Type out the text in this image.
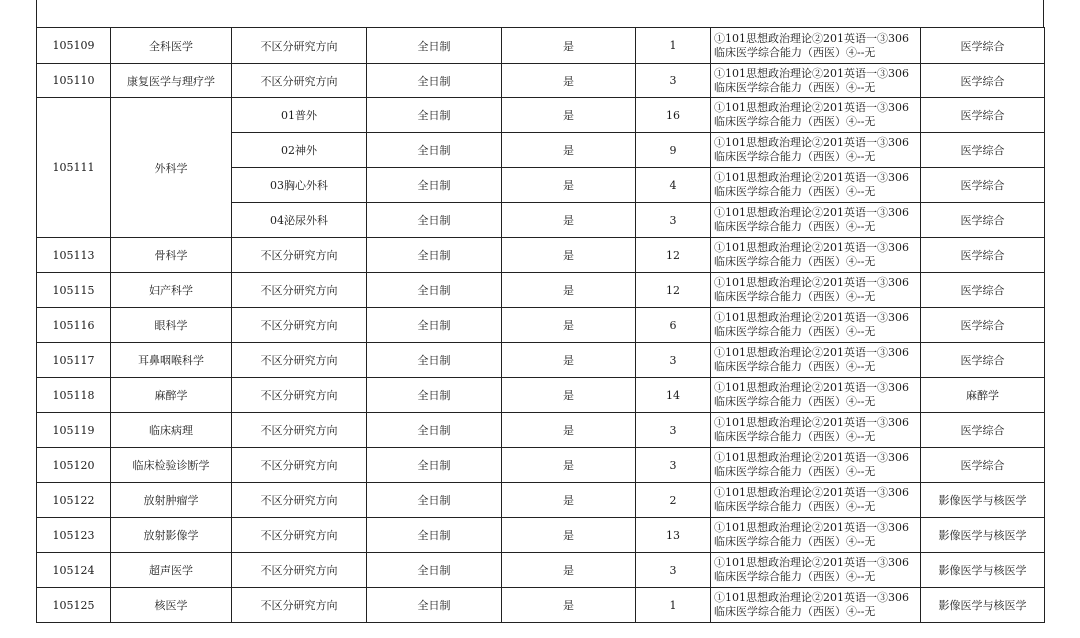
105109	全科医学	不区分研究方向	全日制	是	1	①101思想政治理论②201英语一③306
临床医学综合能力（西医）④--无	医学综合
105110	康复医学与理疗学	不区分研究方向	全日制	是	3	①101思想政治理论②201英语一③306
临床医学综合能力（西医）④--无	医学综合
105111	外科学	01普外	全日制	是	16	①101思想政治理论②201英语一③306
临床医学综合能力（西医）④--无	医学综合
		02神外	全日制	是	9	①101思想政治理论②201英语一③306
临床医学综合能力（西医）④--无	医学综合
		03胸心外科	全日制	是	4	①101思想政治理论②201英语一③306
临床医学综合能力（西医）④--无	医学综合
		04泌尿外科	全日制	是	3	①101思想政治理论②201英语一③306
临床医学综合能力（西医）④--无	医学综合
105113	骨科学	不区分研究方向	全日制	是	12	①101思想政治理论②201英语一③306
临床医学综合能力（西医）④--无	医学综合
105115	妇产科学	不区分研究方向	全日制	是	12	①101思想政治理论②201英语一③306
临床医学综合能力（西医）④--无	医学综合
105116	眼科学	不区分研究方向	全日制	是	6	①101思想政治理论②201英语一③306
临床医学综合能力（西医）④--无	医学综合
105117	耳鼻咽喉科学	不区分研究方向	全日制	是	3	①101思想政治理论②201英语一③306
临床医学综合能力（西医）④--无	医学综合
105118	麻醉学	不区分研究方向	全日制	是	14	①101思想政治理论②201英语一③306
临床医学综合能力（西医）④--无	麻醉学
105119	临床病理	不区分研究方向	全日制	是	3	①101思想政治理论②201英语一③306
临床医学综合能力（西医）④--无	医学综合
105120	临床检验诊断学	不区分研究方向	全日制	是	3	①101思想政治理论②201英语一③306
临床医学综合能力（西医）④--无	医学综合
105122	放射肿瘤学	不区分研究方向	全日制	是	2	①101思想政治理论②201英语一③306
临床医学综合能力（西医）④--无	影像医学与核医学
105123	放射影像学	不区分研究方向	全日制	是	13	①101思想政治理论②201英语一③306
临床医学综合能力（西医）④--无	影像医学与核医学
105124	超声医学	不区分研究方向	全日制	是	3	①101思想政治理论②201英语一③306
临床医学综合能力（西医）④--无	影像医学与核医学
105125	核医学	不区分研究方向	全日制	是	1	①101思想政治理论②201英语一③306
临床医学综合能力（西医）④--无	影像医学与核医学
